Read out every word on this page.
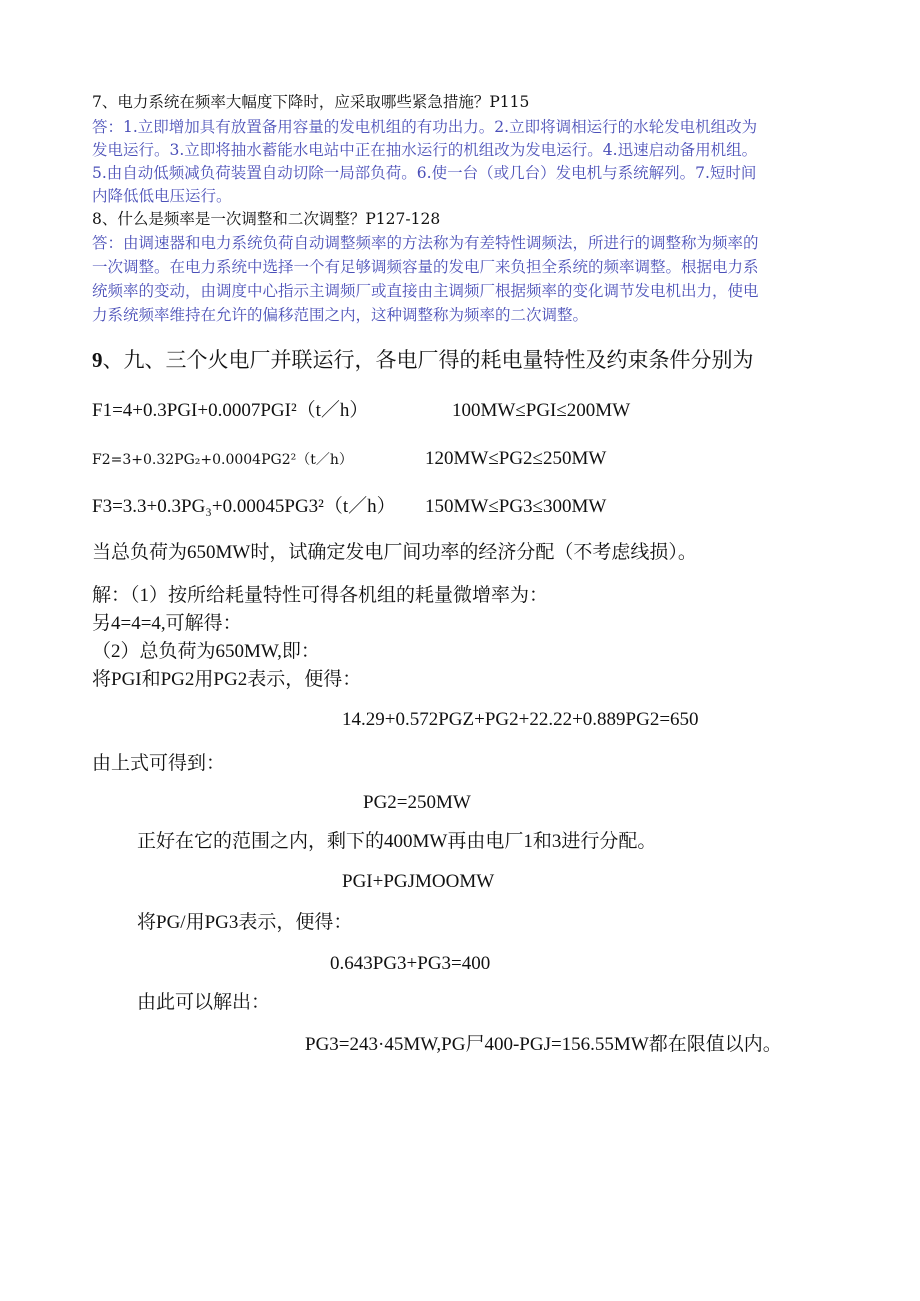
7、电力系统在频率大幅度下降时，应采取哪些紧急措施？P115

答：1.立即增加具有放置备用容量的发电机组的有功出力。2.立即将调相运行的水轮发电机组改为

发电运行。3.立即将抽水蓄能水电站中正在抽水运行的机组改为发电运行。4.迅速启动备用机组。

5.由自动低频减负荷装置自动切除一局部负荷。6.使一台（或几台）发电机与系统解列。7.短时间

内降低低电压运行。

8、什么是频率是一次调整和二次调整？P127-128

答：由调速器和电力系统负荷自动调整频率的方法称为有差特性调频法，所进行的调整称为频率的

一次调整。在电力系统中选择一个有足够调频容量的发电厂来负担全系统的频率调整。根据电力系

统频率的变动，由调度中心指示主调频厂或直接由主调频厂根据频率的变化调节发电机出力，使电

力系统频率维持在允许的偏移范围之内，这种调整称为频率的二次调整。

9、九、三个火电厂并联运行，各电厂得的耗电量特性及约束条件分别为

F1=4+0.3PGI+0.0007PGI²（t／h）	100MW≤PGI≤200MW

F2=3+0.32PG₂+0.0004PG2²（t／h）	120MW≤PG2≤250MW

F3=3.3+0.3PG₃+0.00045PG3²（t／h） 150MW≤PG3≤300MW

当总负荷为650MW时，试确定发电厂间功率的经济分配（不考虑线损）。

解：（1）按所给耗量特性可得各机组的耗量微增率为：

另4=4=4,可解得：

（2）总负荷为650MW,即：

将PGI和PG2用PG2表示，便得：

14.29+0.572PGZ+PG2+22.22+0.889PG2=650

由上式可得到：

PG2=250MW

正好在它的范围之内，剩下的400MW再由电厂1和3进行分配。

PGI+PGJMOOMW

将PG/用PG3表示，便得：

0.643PG3+PG3=400

由此可以解出：

PG3=243·45MW,PG尸400-PGJ=156.55MW都在限值以内。
